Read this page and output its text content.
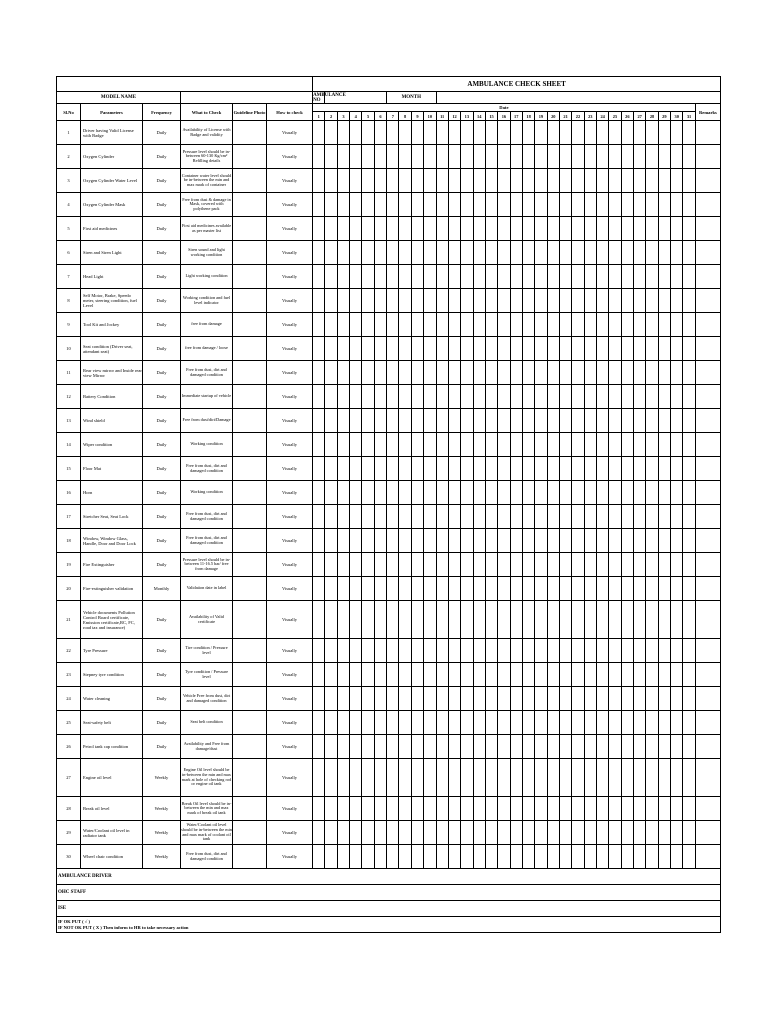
						AMBULANCE CHECK SHEET																															
MODEL NAME						AMBULANCE NO						MONTH																									
Sl.No	Parameters	Frequency	What to Check	Guideline Photo	How to check	Date																															Remarks
						1	2	3	4	5	6	7	8	9	10	11	12	13	14	15	16	17	18	19	20	21	22	23	24	25	26	27	28	29	30	31	
1	Driver having Valid License with Badge	Daily	Availability of License with Badge and validity		Visually																																
2	Oxygen Cylinder	Daily	Pressure level should be in- between 60-130 Kg/cm² Refilling details		Visually																																
3	Oxygen Cylinder Water Level	Daily	Container water level should be in-between the min and max mark of container		Visually																																
4	Oxygen Cylinder Mask	Daily	Free from dust & damage in Mask, covered with polythene pack		Visually																																
5	First aid medicines	Daily	First aid medicines available as per master list		Visually																																
6	Siren and Siren Light	Daily	Siren sound and light working condition		Visually																																
7	Head Light	Daily	Light working condition		Visually																																
8	Self Motor, Brake, Speedo meter, steering condition, fuel Level	Daily	Working condition and fuel level indicator		Visually																																
9	Tool Kit and Jockey	Daily	free from damage		Visually																																
10	Seat condition (Driver seat, attendant seat)	Daily	free from damage / loose		Visually																																
11	Rear view mirror and Inside rear view Mirror	Daily	Free from dust, dirt and damaged condition		Visually																																
12	Battery Condition	Daily	Immediate startup of vehicle		Visually																																
13	Wind shield	Daily	Free from dust/dirt/Damage		Visually																																
14	Wiper condition	Daily	Working condition		Visually																																
15	Floor Mat	Daily	Free from dust, dirt and damaged condition		Visually																																
16	Horn	Daily	Working condition		Visually																																
17	Stretcher Seat, Seat Lock	Daily	Free from dust, dirt and damaged condition		Visually																																
18	Window, Window Glass, Handle, Door and Door Lock	Daily	Free from dust, dirt and damaged condition		Visually																																
19	Fire Extinguisher	Daily	Pressure level should be in-between 11-16.5 bar/ free from damage		Visually																																
20	Fire-extinguisher validation	Monthly	Validation date in label		Visually																																
21	Vehicle documents Pollution Control Board certificate, Emission certificate,RC, FC, road tax and insurance)	Daily	Availability of Valid certificate		Visually																																
22	Tyre Pressure	Daily	Tire condition / Pressure level		Visually																																
23	Stepney tyre condition	Daily	Tyre condition / Pressure level		Visually																																
24	Water cleaning	Daily	Vehicle Free from dust, dirt and damaged condition		Visually																																
25	Seat-safety belt	Daily	Seat belt condition		Visually																																
26	Petrol tank cap condition	Daily	Availability and Free from damage/dust		Visually																																
27	Engine oil level	Weekly	Engine Oil level should be in-between the min and max mark at hole of checking rod or engine oil tank		Visually																																
28	Break oil level	Weekly	Break Oil level should be in- between the min and max mark of break oil tank		Visually																																
29	Water/Coolant oil level in radiator tank	Weekly	Water/Coolant oil level should be in-between the min and max mark of coolant oil tank		Visually																																
30	Wheel chair condition	Weekly	Free from dust, dirt and damaged condition		Visually																																
AMBULANCE DRIVER																																					
OHC STAFF																																					
ISE																																					

IF OK PUT ( √ )
IF NOT OK PUT ( X ) Then inform to HR to take necessary action																																					
